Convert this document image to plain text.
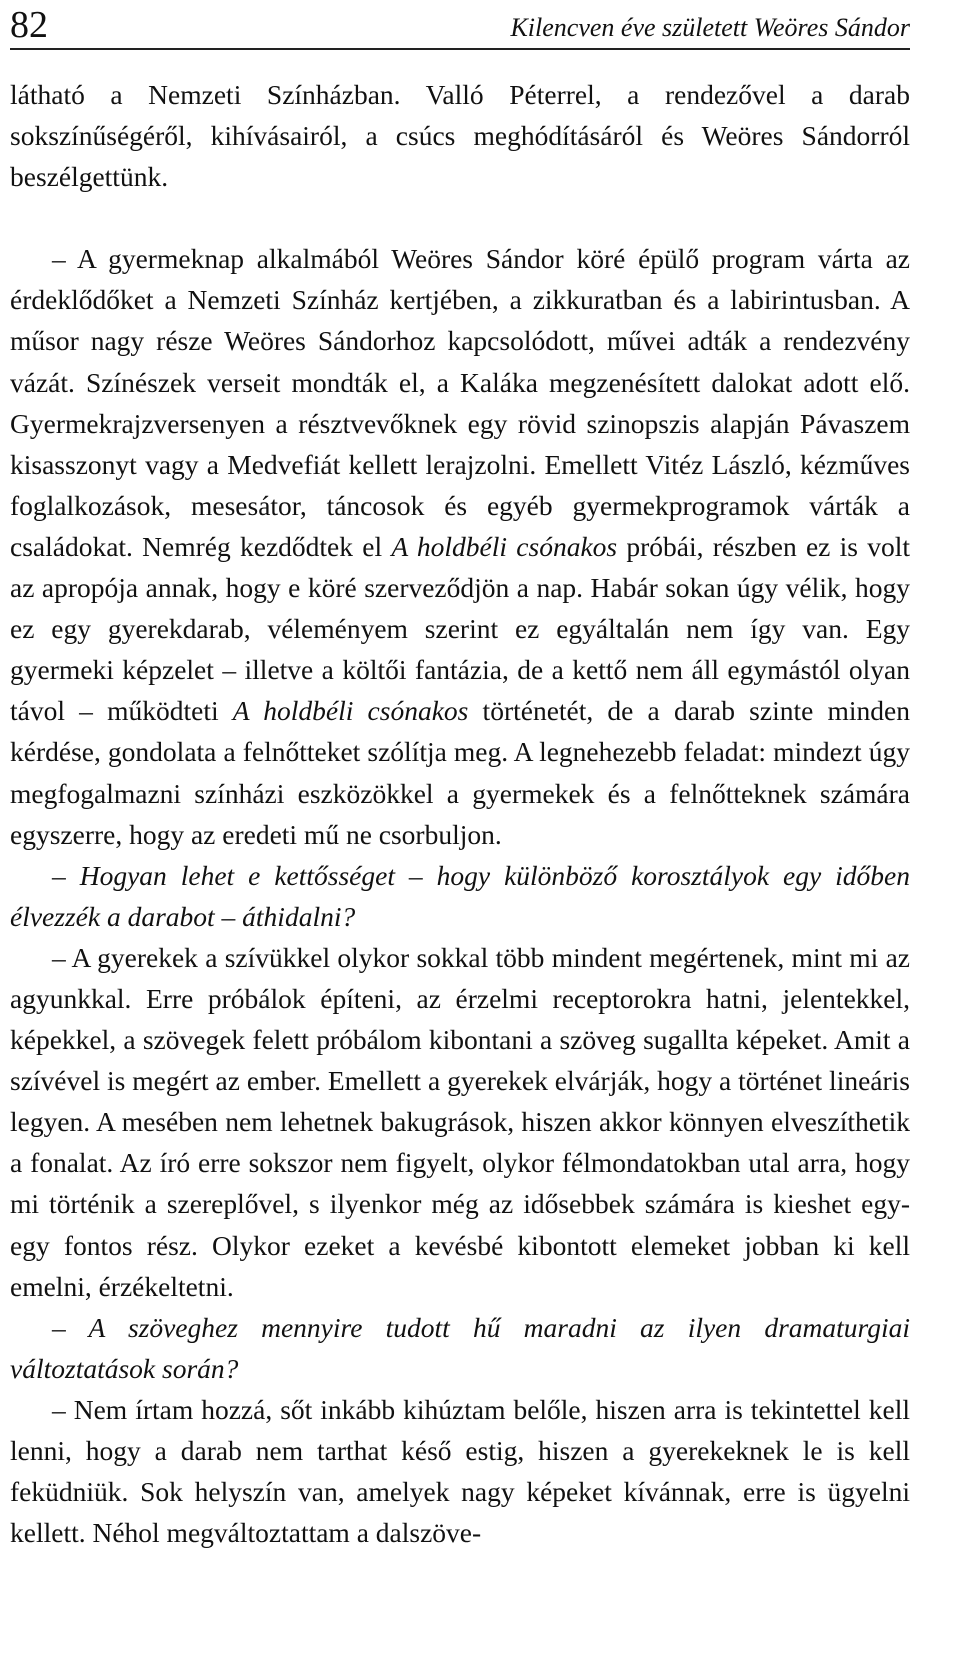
82	Kilencven éve született Weöres Sándor

látható a Nemzeti Színházban. Valló Péterrel, a rendezővel a darab sokszínűségéről, kihívásairól, a csúcs meghódításáról és Weöres Sándorról beszélgettünk.

– A gyermeknap alkalmából Weöres Sándor köré épülő program várta az érdeklődőket a Nemzeti Színház kertjében, a zikkuratban és a labirintusban. A műsor nagy része Weöres Sándorhoz kapcsolódott, művei adták a rendezvény vázát. Színészek verseit mondták el, a Kaláka megzenésített dalokat adott elő. Gyermekrajzversenyen a résztvevőknek egy rövid szinopszis alapján Pávaszem kisasszonyt vagy a Medvefiát kellett lerajzolni. Emellett Vitéz László, kézműves foglalkozások, mesesátor, táncosok és egyéb gyermekprogramok várták a családokat. Nemrég kezdődtek el A holdbéli csónakos próbái, részben ez is volt az apropója annak, hogy e köré szerveződjön a nap. Habár sokan úgy vélik, hogy ez egy gyerekdarab, véleményem szerint ez egyáltalán nem így van. Egy gyermeki képzelet – illetve a költői fantázia, de a kettő nem áll egymástól olyan távol – működteti A holdbéli csónakos történetét, de a darab szinte minden kérdése, gondolata a felnőtteket szólítja meg. A legnehezebb feladat: mindezt úgy megfogalmazni színházi eszközökkel a gyermekek és a felnőtteknek számára egyszerre, hogy az eredeti mű ne csorbuljon.

– Hogyan lehet e kettősséget – hogy különböző korosztályok egy időben élvezzék a darabot – áthidalni?

– A gyerekek a szívükkel olykor sokkal több mindent megértenek, mint mi az agyunkkal. Erre próbálok építeni, az érzelmi receptorokra hatni, jelentekkel, képekkel, a szövegek felett próbálom kibontani a szöveg sugallta képeket. Amit a szívével is megért az ember. Emellett a gyerekek elvárják, hogy a történet lineáris legyen. A mesében nem lehetnek bakugrások, hiszen akkor könnyen elveszíthetik a fonalat. Az író erre sokszor nem figyelt, olykor félmondatokban utal arra, hogy mi történik a szereplővel, s ilyenkor még az idősebbek számára is kieshet egy-egy fontos rész. Olykor ezeket a kevésbé kibontott elemeket jobban ki kell emelni, érzékeltetni.

– A szöveghez mennyire tudott hű maradni az ilyen dramaturgiai változtatások során?

– Nem írtam hozzá, sőt inkább kihúztam belőle, hiszen arra is tekintettel kell lenni, hogy a darab nem tarthat késő estig, hiszen a gyerekeknek le is kell feküdniük. Sok helyszín van, amelyek nagy képeket kívánnak, erre is ügyelni kellett. Néhol megváltoztattam a dalszöve-
